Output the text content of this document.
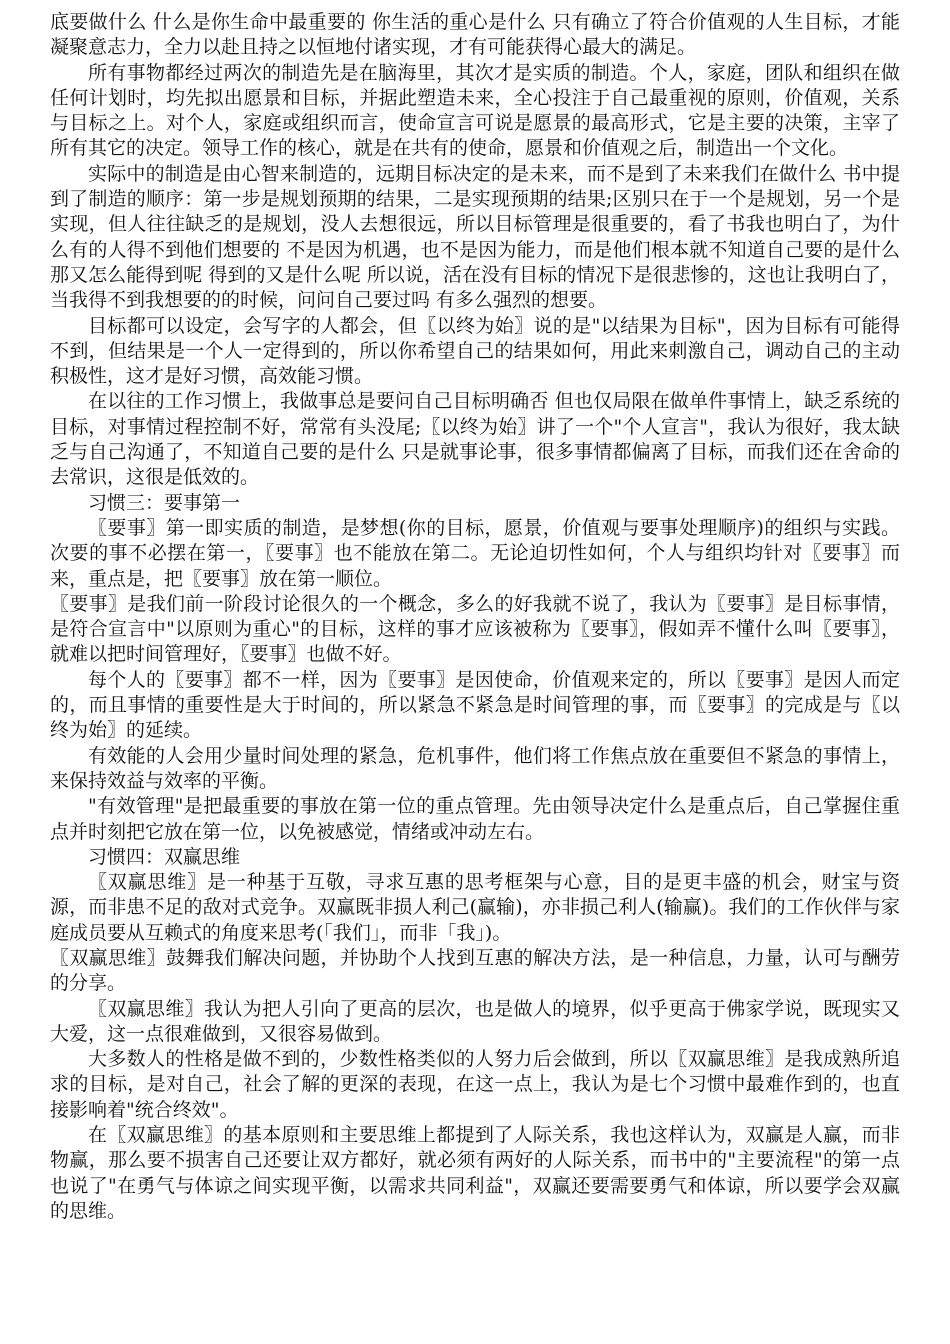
底要做什么 什么是你生命中最重要的 你生活的重心是什么 只有确立了符合价值观的人生目标，才能凝聚意志力，全力以赴且持之以恒地付诸实现，才有可能获得心最大的满足。

所有事物都经过两次的制造先是在脑海里，其次才是实质的制造。个人，家庭，团队和组织在做任何计划时，均先拟出愿景和目标，并据此塑造未来，全心投注于自己最重视的原则，价值观，关系与目标之上。对个人，家庭或组织而言，使命宣言可说是愿景的最高形式，它是主要的决策，主宰了所有其它的决定。领导工作的核心，就是在共有的使命，愿景和价值观之后，制造出一个文化。

实际中的制造是由心智来制造的，远期目标决定的是未来，而不是到了未来我们在做什么 书中提到了制造的顺序：第一步是规划预期的结果，二是实现预期的结果;区别只在于一个是规划，另一个是实现，但人往往缺乏的是规划，没人去想很远，所以目标管理是很重要的，看了书我也明白了，为什么有的人得不到他们想要的 不是因为机遇，也不是因为能力，而是他们根本就不知道自己要的是什么 那又怎么能得到呢 得到的又是什么呢 所以说，活在没有目标的情况下是很悲惨的，这也让我明白了，当我得不到我想要的的时候，问问自己要过吗 有多么强烈的想要。

目标都可以设定，会写字的人都会，但〖以终为始〗说的是"以结果为目标"，因为目标有可能得不到，但结果是一个人一定得到的，所以你希望自己的结果如何，用此来刺激自己，调动自己的主动积极性，这才是好习惯，高效能习惯。

在以往的工作习惯上，我做事总是要问自己目标明确否 但也仅局限在做单件事情上，缺乏系统的目标，对事情过程控制不好，常常有头没尾;〖以终为始〗讲了一个"个人宣言"，我认为很好，我太缺乏与自己沟通了，不知道自己要的是什么 只是就事论事，很多事情都偏离了目标，而我们还在舍命的去常识，这很是低效的。

习惯三：要事第一

〖要事〗第一即实质的制造，是梦想(你的目标，愿景，价值观与要事处理顺序)的组织与实践。次要的事不必摆在第一，〖要事〗也不能放在第二。无论迫切性如何，个人与组织均针对〖要事〗而来，重点是，把〖要事〗放在第一顺位。

〖要事〗是我们前一阶段讨论很久的一个概念，多么的好我就不说了，我认为〖要事〗是目标事情，是符合宣言中"以原则为重心"的目标，这样的事才应该被称为〖要事〗，假如弄不懂什么叫〖要事〗，就难以把时间管理好，〖要事〗也做不好。

每个人的〖要事〗都不一样，因为〖要事〗是因使命，价值观来定的，所以〖要事〗是因人而定的，而且事情的重要性是大于时间的，所以紧急不紧急是时间管理的事，而〖要事〗的完成是与〖以终为始〗的延续。

有效能的人会用少量时间处理的紧急，危机事件，他们将工作焦点放在重要但不紧急的事情上，来保持效益与效率的平衡。

"有效管理"是把最重要的事放在第一位的重点管理。先由领导决定什么是重点后，自己掌握住重点并时刻把它放在第一位，以免被感觉，情绪或冲动左右。

习惯四：双赢思维

〖双赢思维〗是一种基于互敬，寻求互惠的思考框架与心意，目的是更丰盛的机会，财宝与资源，而非患不足的敌对式竞争。双赢既非损人利己(赢输)，亦非损己利人(输赢)。我们的工作伙伴与家庭成员要从互赖式的角度来思考(「我们」，而非「我」)。

〖双赢思维〗鼓舞我们解决问题，并协助个人找到互惠的解决方法，是一种信息，力量，认可与酬劳的分享。

〖双赢思维〗我认为把人引向了更高的层次，也是做人的境界，似乎更高于佛家学说，既现实又大爱，这一点很难做到，又很容易做到。

大多数人的性格是做不到的，少数性格类似的人努力后会做到，所以〖双赢思维〗是我成熟所追求的目标，是对自己，社会了解的更深的表现，在这一点上，我认为是七个习惯中最难作到的，也直接影响着"统合终效"。

在〖双赢思维〗的基本原则和主要思维上都提到了人际关系，我也这样认为，双赢是人赢，而非物赢，那么要不损害自己还要让双方都好，就必须有两好的人际关系，而书中的"主要流程"的第一点也说了"在勇气与体谅之间实现平衡，以需求共同利益"，双赢还要需要勇气和体谅，所以要学会双赢的思维。
